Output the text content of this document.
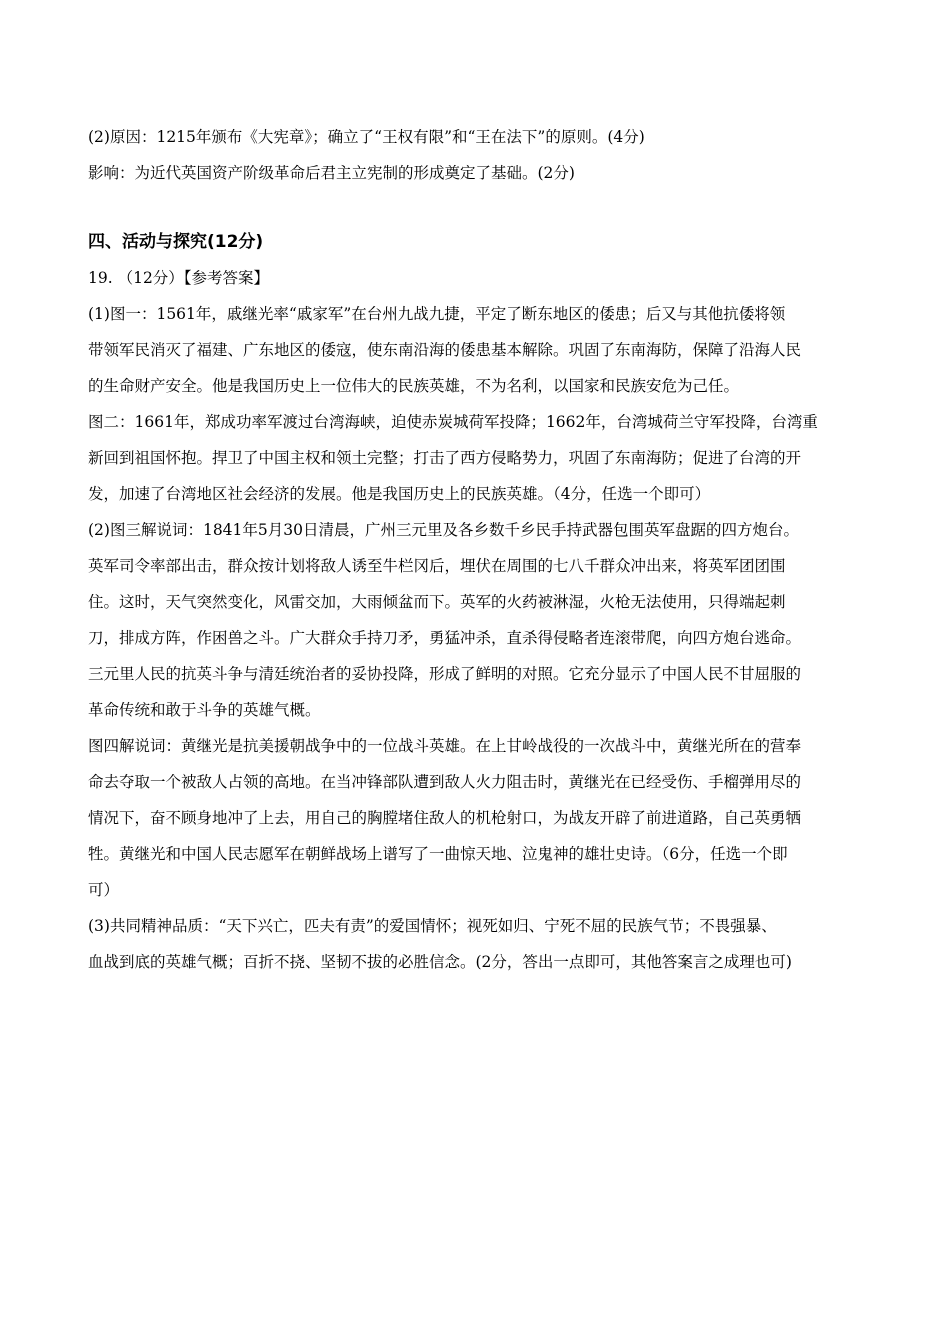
(2)原因：1215年颁布《大宪章》；确立了“王权有限”和“王在法下”的原则。(4分)
影响：为近代英国资产阶级革命后君主立宪制的形成奠定了基础。(2分)
四、活动与探究(12分)
19. （12分）【参考答案】
(1)图一：1561年，戚继光率“戚家军”在台州九战九捷，平定了断东地区的倭患；后又与其他抗倭将领
带领军民消灭了福建、广东地区的倭寇，使东南沿海的倭患基本解除。巩固了东南海防，保障了沿海人民
的生命财产安全。他是我国历史上一位伟大的民族英雄，不为名利，以国家和民族安危为己任。
图二：1661年，郑成功率军渡过台湾海峡，迫使赤炭城荷军投降；1662年，台湾城荷兰守军投降，台湾重
新回到祖国怀抱。捍卫了中国主权和领土完整；打击了西方侵略势力，巩固了东南海防；促进了台湾的开
发，加速了台湾地区社会经济的发展。他是我国历史上的民族英雄。（4分，任选一个即可）
(2)图三解说词：1841年5月30日清晨，广州三元里及各乡数千乡民手持武器包围英军盘踞的四方炮台。
英军司令率部出击，群众按计划将敌人诱至牛栏冈后，埋伏在周围的七八千群众冲出来，将英军团团围
住。这时，天气突然变化，风雷交加，大雨倾盆而下。英军的火药被淋湿，火枪无法使用，只得端起刺
刀，排成方阵，作困兽之斗。广大群众手持刀矛，勇猛冲杀，直杀得侵略者连滚带爬，向四方炮台逃命。
三元里人民的抗英斗争与清廷统治者的妥协投降，形成了鲜明的对照。它充分显示了中国人民不甘屈服的
革命传统和敢于斗争的英雄气概。
图四解说词：黄继光是抗美援朝战争中的一位战斗英雄。在上甘岭战役的一次战斗中，黄继光所在的营奉
命去夺取一个被敌人占领的高地。在当冲锋部队遭到敌人火力阻击时，黄继光在已经受伤、手榴弹用尽的
情况下，奋不顾身地冲了上去，用自己的胸膛堵住敌人的机枪射口，为战友开辟了前进道路，自己英勇牺
牲。黄继光和中国人民志愿军在朝鲜战场上谱写了一曲惊天地、泣鬼神的雄壮史诗。（6分，任选一个即
可）
(3)共同精神品质：“天下兴亡，匹夫有责”的爱国情怀；视死如归、宁死不屈的民族气节；不畏强暴、
血战到底的英雄气概；百折不挠、坚韧不拔的必胜信念。(2分，答出一点即可，其他答案言之成理也可)
